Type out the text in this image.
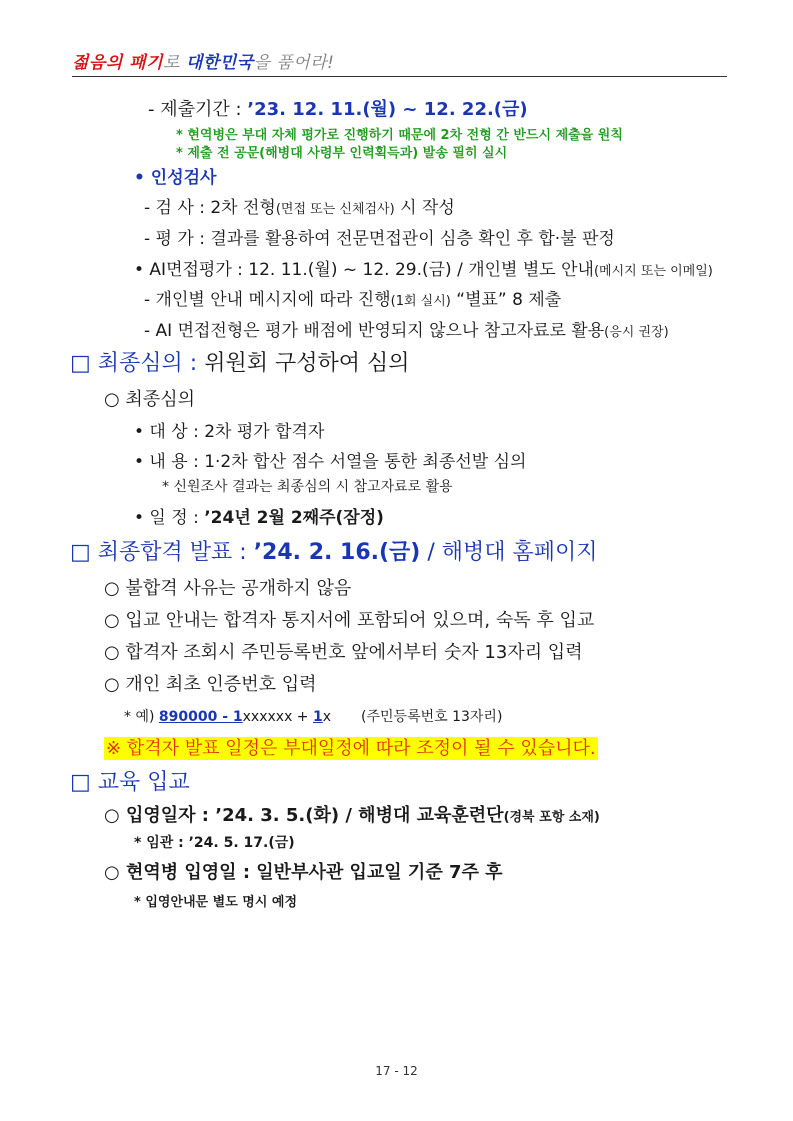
젊음의 패기로 대한민국을 품어라!
- 제출기간 : ’23. 12. 11.(월) ~ 12. 22.(금)
* 현역병은 부대 자체 평가로 진행하기 때문에 2차 전형 간 반드시 제출을 원칙
* 제출 전 공문(해병대 사령부 인력획득과) 발송 필히 실시
• 인성검사
- 검 사 : 2차 전형(면접 또는 신체검사) 시 작성
- 평 가 : 결과를 활용하여 전문면접관이 심층 확인 후 합‧불 판정
• AI면접평가 : 12. 11.(월) ~ 12. 29.(금) / 개인별 별도 안내(메시지 또는 이메일)
- 개인별 안내 메시지에 따라 진행(1회 실시) “별표” 8 제출
- AI 면접전형은 평가 배점에 반영되지 않으나 참고자료로 활용(응시 권장)
□ 최종심의 : 위원회 구성하여 심의
○ 최종심의
• 대 상 : 2차 평가 합격자
• 내 용 : 1‧2차 합산 점수 서열을 통한 최종선발 심의
* 신원조사 결과는 최종심의 시 참고자료로 활용
• 일 정 : ’24년 2월 2째주(잠정)
□ 최종합격 발표 : ’24. 2. 16.(금) / 해병대 홈페이지
○ 불합격 사유는 공개하지 않음
○ 입교 안내는 합격자 통지서에 포함되어 있으며, 숙독 후 입교
○ 합격자 조회시 주민등록번호 앞에서부터 숫자 13자리 입력
○ 개인 최초 인증번호 입력
* 예) 890000 - 1xxxxxx + 1x (주민등록번호 13자리)
※ 합격자 발표 일정은 부대일정에 따라 조정이 될 수 있습니다.
□ 교육 입교
○ 입영일자 : ’24. 3. 5.(화) / 해병대 교육훈련단(경북 포항 소재)
* 임관 : ’24. 5. 17.(금)
○ 현역병 입영일 : 일반부사관 입교일 기준 7주 후
* 입영안내문 별도 명시 예정
17 - 12
